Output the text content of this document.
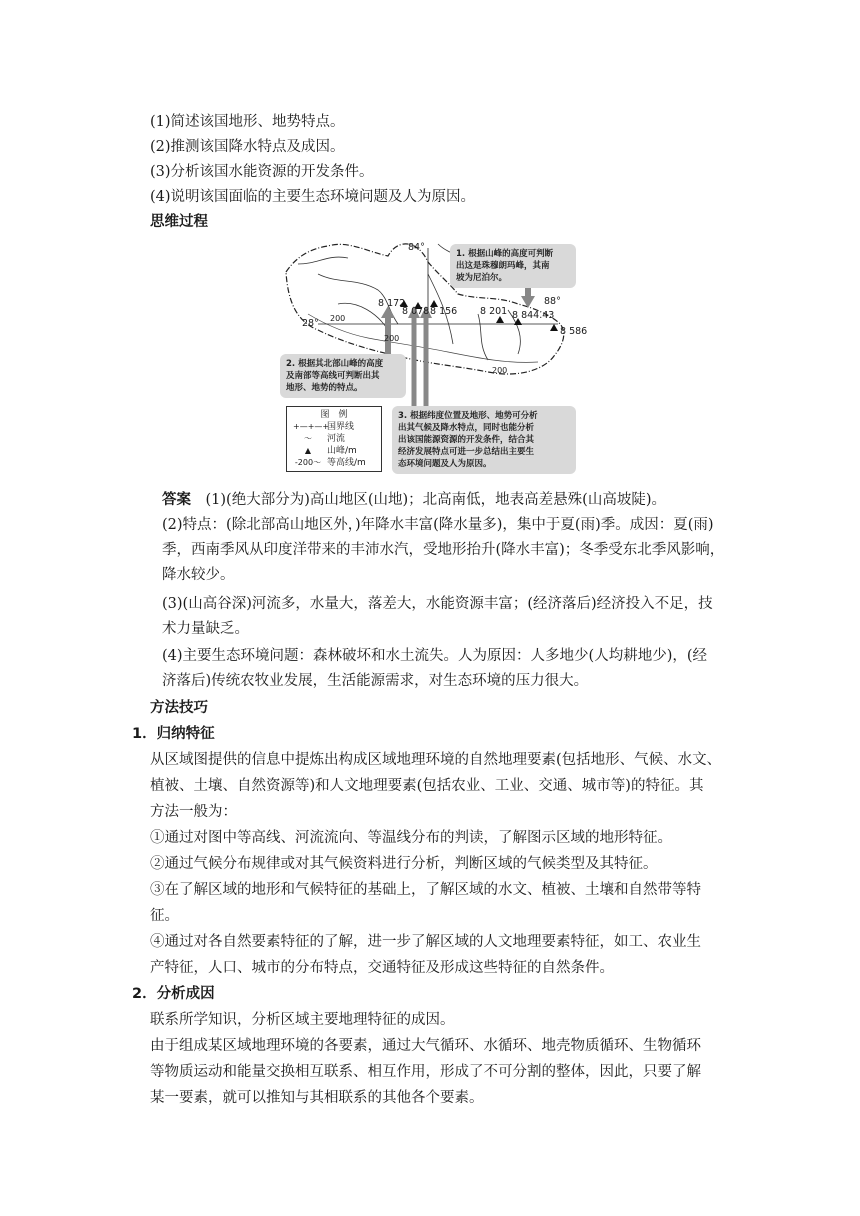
(1)简述该国地形、地势特点。
(2)推测该国降水特点及成因。
(3)分析该国水能资源的开发条件。
(4)说明该国面临的主要生态环境问题及人为原因。
思维过程
84°
88°
28°
8 172
8 078 8 156 8 201 8 844.43
8 586
200
200
200
1. 根据山峰的高度可判断
出这是珠穆朗玛峰，其南
坡为尼泊尔。
2. 根据其北部山峰的高度
及南部等高线可判断出其
地形、地势的特点。
图　例
+—+—+
国界线
〜	河流
▲	山峰/m
-200〜 等高线/m
3. 根据纬度位置及地形、地势可分析
出其气候及降水特点，同时也能分析
出该国能源资源的开发条件，结合其
经济发展特点可进一步总结出主要生
态环境问题及人为原因。
答案　 (1)(绝大部分为)高山地区(山地)；北高南低，地表高差悬殊(山高坡陡)。
(2)特点：(除北部高山地区外，)年降水丰富(降水量多)，集中于夏(雨)季。成因：夏(雨)
季，西南季风从印度洋带来的丰沛水汽，受地形抬升(降水丰富)；冬季受东北季风影响，
降水较少。
(3)(山高谷深)河流多，水量大，落差大，水能资源丰富；(经济落后)经济投入不足，技
术力量缺乏。
(4)主要生态环境问题：森林破坏和水土流失。人为原因：人多地少(人均耕地少)，(经
济落后)传统农牧业发展，生活能源需求，对生态环境的压力很大。
方法技巧
1．归纳特征
从区域图提供的信息中提炼出构成区域地理环境的自然地理要素(包括地形、气候、水文、
植被、土壤、自然资源等)和人文地理要素(包括农业、工业、交通、城市等)的特征。其
方法一般为：
①通过对图中等高线、河流流向、等温线分布的判读，了解图示区域的地形特征。
②通过气候分布规律或对其气候资料进行分析，判断区域的气候类型及其特征。
③在了解区域的地形和气候特征的基础上，了解区域的水文、植被、土壤和自然带等特
征。
④通过对各自然要素特征的了解，进一步了解区域的人文地理要素特征，如工、农业生
产特征，人口、城市的分布特点，交通特征及形成这些特征的自然条件。
2．分析成因
联系所学知识，分析区域主要地理特征的成因。
由于组成某区域地理环境的各要素，通过大气循环、水循环、地壳物质循环、生物循环
等物质运动和能量交换相互联系、相互作用，形成了不可分割的整体，因此，只要了解
某一要素，就可以推知与其相联系的其他各个要素。
